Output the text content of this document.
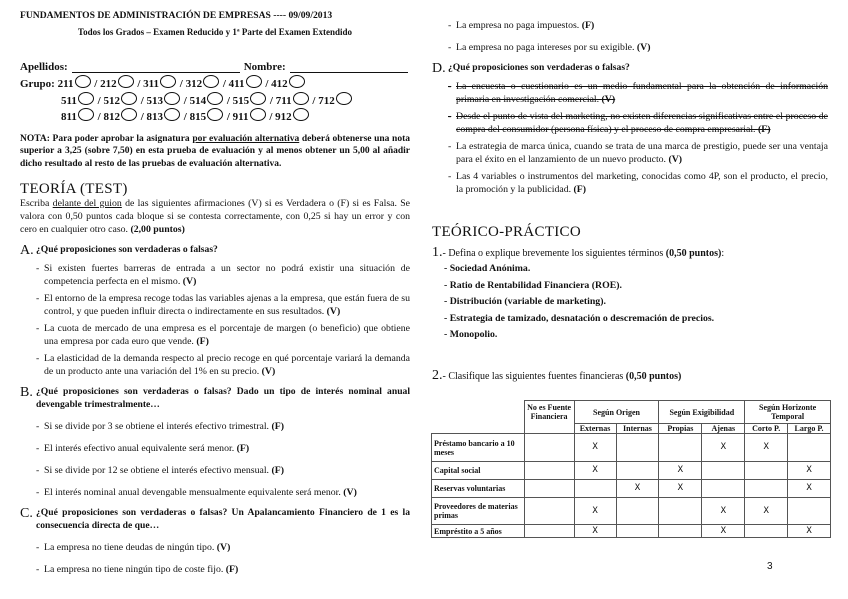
FUNDAMENTOS DE ADMINISTRACIÓN DE EMPRESAS ---- 09/09/2013

Todos los Grados – Examen Reducido y 1ª Parte del Examen Extendido

Apellidos:	Nombre:
Grupo: 211 / 212 / 311 / 312 / 411 / 412
511 / 512 / 513 / 514 / 515 / 711 / 712
811 / 812 / 813 / 815 / 911 / 912
NOTA: Para poder aprobar la asignatura por evaluación alternativa deberá obtenerse una nota superior a 3,25 (sobre 7,50) en esta prueba de evaluación y al menos obtener un 5,00 al añadir dicho resultado al resto de las pruebas de evaluación alternativa.
TEORÍA (TEST)

Escriba delante del guion de las siguientes afirmaciones (V) si es Verdadera o (F) si es Falsa. Se valora con 0,50 puntos cada bloque si se contesta correctamente, con 0,25 si hay un error y con cero en cualquier otro caso. (2,00 puntos)

A. ¿Qué proposiciones son verdaderas o falsas?
- Si existen fuertes barreras de entrada a un sector no podrá existir una situación de competencia perfecta en el mismo. (V)
- El entorno de la empresa recoge todas las variables ajenas a la empresa, que están fuera de su control, y que pueden influir directa o indirectamente en sus resultados. (V)
- La cuota de mercado de una empresa es el porcentaje de margen (o beneficio) que obtiene una empresa por cada euro que vende. (F)
- La elasticidad de la demanda respecto al precio recoge en qué porcentaje variará la demanda de un producto ante una variación del 1% en su precio. (V)
B. ¿Qué proposiciones son verdaderas o falsas? Dado un tipo de interés nominal anual devengable trimestralmente…
- Si se divide por 3 se obtiene el interés efectivo trimestral. (F)
- El interés efectivo anual equivalente será menor. (F)
- Si se divide por 12 se obtiene el interés efectivo mensual. (F)
- El interés nominal anual devengable mensualmente equivalente será menor. (V)
C. ¿Qué proposiciones son verdaderas o falsas? Un Apalancamiento Financiero de 1 es la consecuencia directa de que…
- La empresa no tiene deudas de ningún tipo. (V)
- La empresa no tiene ningún tipo de coste fijo. (F)
- La empresa no paga impuestos. (F)
- La empresa no paga intereses por su exigible. (V)
D. ¿Qué proposiciones son verdaderas o falsas?
- La encuesta o cuestionario es un medio fundamental para la obtención de información primaria en investigación comercial. (V)
- Desde el punto de vista del marketing, no existen diferencias significativas entre el proceso de compra del consumidor (persona física) y el proceso de compra empresarial. (F)
- La estrategia de marca única, cuando se trata de una marca de prestigio, puede ser una ventaja para el éxito en el lanzamiento de un nuevo producto. (V)
- Las 4 variables o instrumentos del marketing, conocidas como 4P, son el producto, el precio, la promoción y la publicidad. (F)
TEÓRICO-PRÁCTICO
1.- Defina o explique brevemente los siguientes términos (0,50 puntos):
- Sociedad Anónima.
- Ratio de Rentabilidad Financiera (ROE).
- Distribución (variable de marketing).
- Estrategia de tamizado, desnatación o descremación de precios.
- Monopolio.
2.- Clasifique las siguientes fuentes financieras (0,50 puntos)
	No es Fuente Financiera	Según Origen		Según Exigibilidad		Según Horizonte Temporal	
		Externas	Internas	Propias	Ajenas	Corto P.	Largo P.
Préstamo bancario a 10 meses		X			X	X	
Capital social		X		X			X
Reservas voluntarias			X	X			X
Proveedores de materias primas		X			X	X	
Empréstito a 5 años		X			X		X
3
